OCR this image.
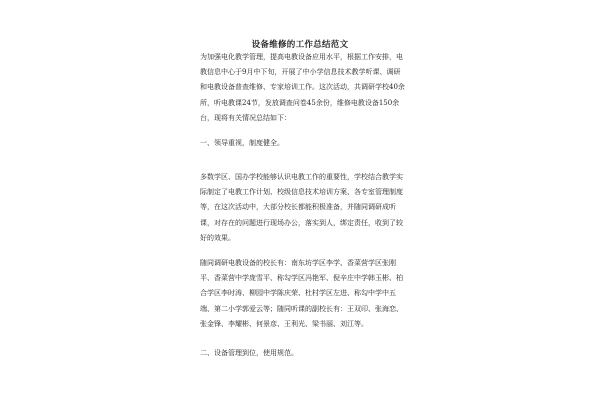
设备维修的工作总结范文
为加强电化教学管理，提高电教设备应用水平，根据工作安排，电
教信息中心于9月中下旬，开展了中小学信息技术教学听课、调研
和电教设备普查维修、专家培训工作。这次活动，共调研学校40余
所，听电教课24节，发放调查问卷45余份，维修电教设备150余
台，现将有关情况总结如下：
一、领导重视，制度健全。
多数学区、国办学校能够认识电教工作的重要性，学校结合教学实
际制定了电教工作计划、校级信息技术培训方案、各专室管理制度
等，在这次活动中，大部分校长都能积极准备，并随同调研成听
课，对存在的问题进行现场办公，落实到人，绑定责任，收到了较
好的效果。
随同调研电教设备的校长有：南东坊学区李学、香菜营学区张刚
平、香菜营中学庞雪平、称勾学区冯艳军、倪辛庄中学韩玉彬、柏
合学区李时涛、柳园中学陈庆荣、杜村学区左进、称勾中学中五
端、第二小学郭爱云等；随同听课的副校长有：王双印、张海恋、
张金锋、李耀彬、何景彦、王利光、梁书丽、刘江等。
二、设备管理到位，使用规范。
